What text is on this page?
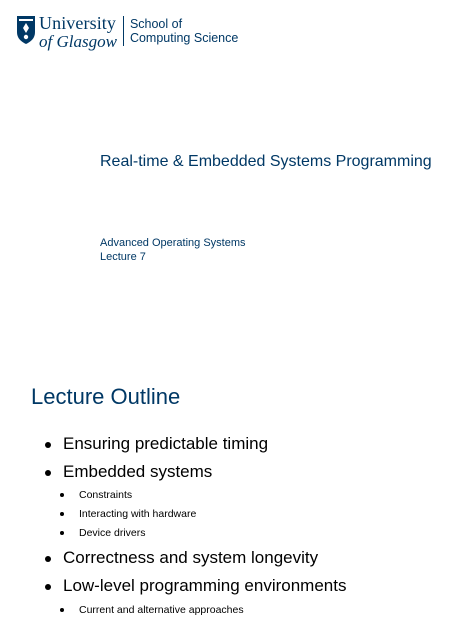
University
of Glasgow
School of
Computing Science
Real-time & Embedded Systems Programming
Advanced Operating Systems
Lecture 7
Lecture Outline
Ensuring predictable timing
Embedded systems
Constraints
Interacting with hardware
Device drivers
Correctness and system longevity
Low-level programming environments
Current and alternative approaches
